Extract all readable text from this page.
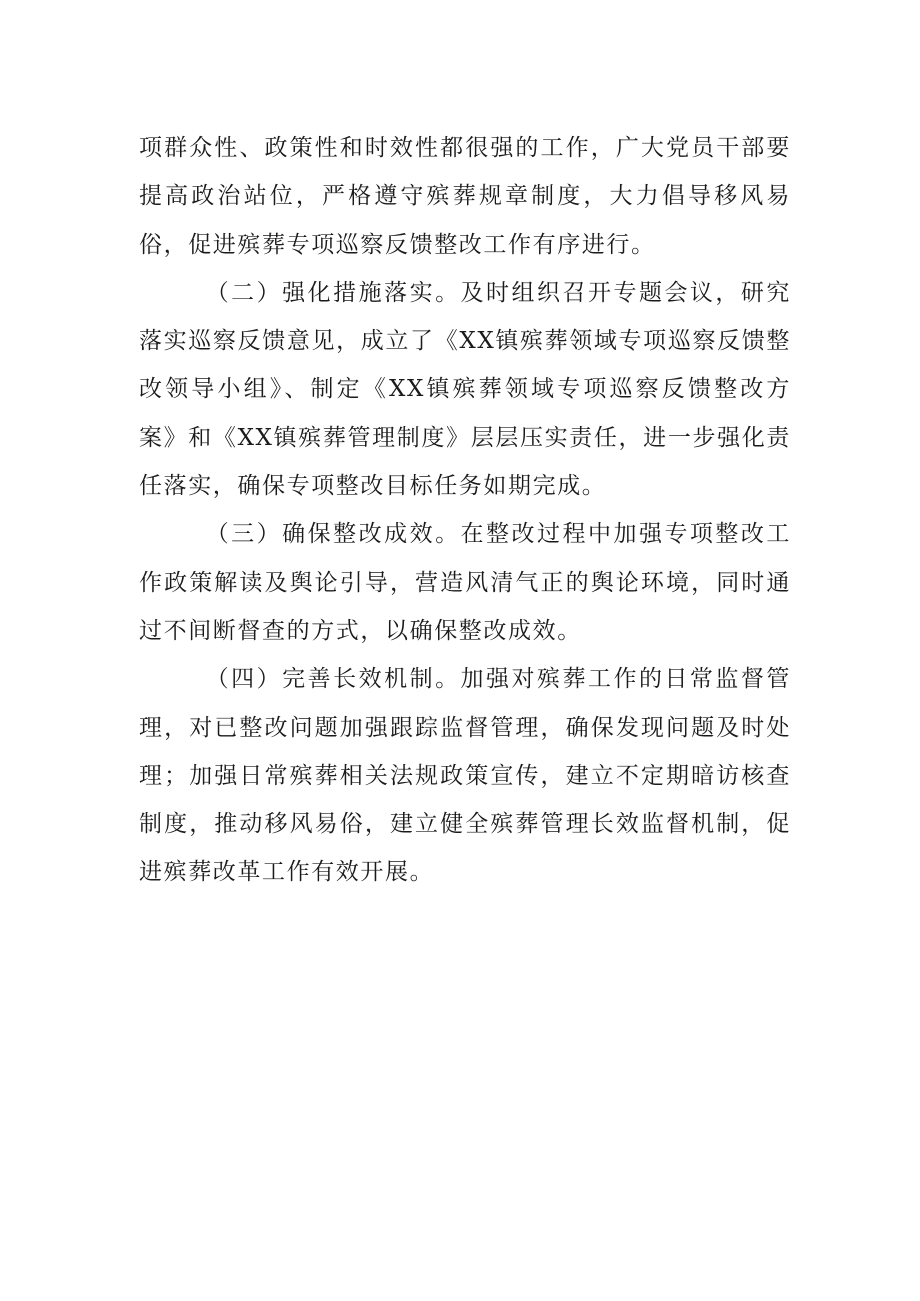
项群众性、政策性和时效性都很强的工作，广大党员干部要提高政治站位，严格遵守殡葬规章制度，大力倡导移风易俗，促进殡葬专项巡察反馈整改工作有序进行。

（二）强化措施落实。及时组织召开专题会议，研究落实巡察反馈意见，成立了《XX镇殡葬领域专项巡察反馈整改领导小组》、制定《XX镇殡葬领域专项巡察反馈整改方案》和《XX镇殡葬管理制度》层层压实责任，进一步强化责任落实，确保专项整改目标任务如期完成。

（三）确保整改成效。在整改过程中加强专项整改工作政策解读及舆论引导，营造风清气正的舆论环境，同时通过不间断督查的方式，以确保整改成效。

（四）完善长效机制。加强对殡葬工作的日常监督管理，对已整改问题加强跟踪监督管理，确保发现问题及时处理；加强日常殡葬相关法规政策宣传，建立不定期暗访核查制度，推动移风易俗，建立健全殡葬管理长效监督机制，促进殡葬改革工作有效开展。
